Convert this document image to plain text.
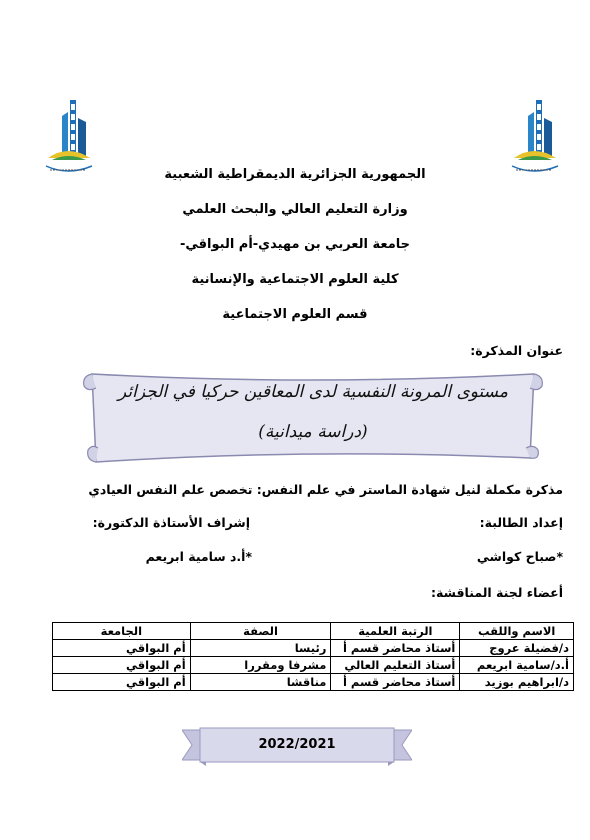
الجمهورية الجزائرية الديمقراطية الشعبية
وزارة التعليم العالي والبحث العلمي
جامعة العربي بن مهيدي-أم البواقي-
كلية العلوم الاجتماعية والإنسانية
قسم العلوم الاجتماعية
عنوان المذكرة:
مستوى المرونة النفسية لدى المعاقين حركيا في الجزائر
(دراسة ميدانية)
مذكرة مكملة لنيل شهادة الماستر في علم النفس: تخصص علم النفس العيادي
إعداد الطالبة:
إشراف الأستاذة الدكتورة:
*صباح كواشي
*أ.د سامية ابريعم
أعضاء لجنة المناقشة:
الاسم واللقب	الرتبة العلمية	الصفة	الجامعة
د/فضيلة عروج	أستاذ محاضر قسم أ	رئيسا	أم البواقي
أ.د/سامية ابريعم	أستاذ التعليم العالي	مشرفا ومقررا	أم البواقي
د/ابراهيم بوزيد	أستاذ محاضر قسم أ	مناقشا	أم البواقي
2022/2021
